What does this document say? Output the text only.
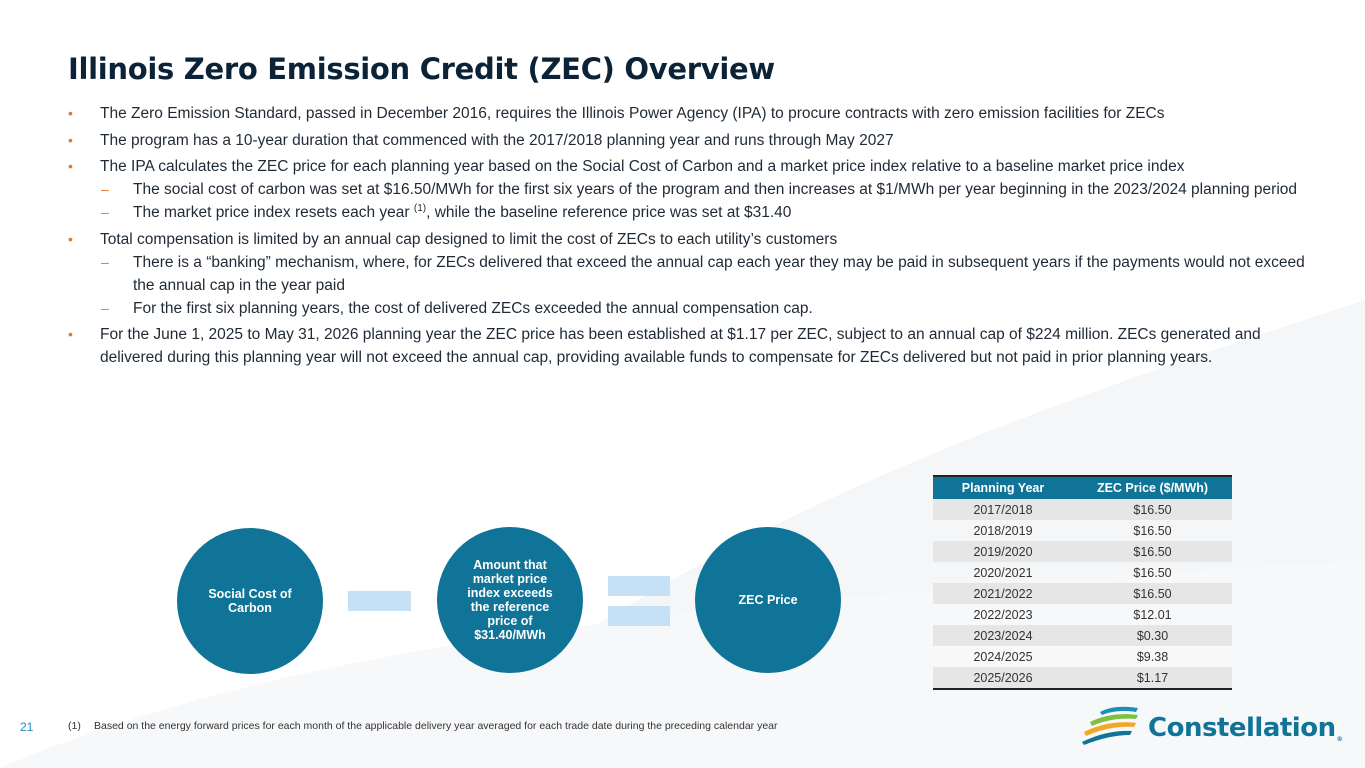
Illinois Zero Emission Credit (ZEC) Overview
• The Zero Emission Standard, passed in December 2016, requires the Illinois Power Agency (IPA) to procure contracts with zero emission facilities for ZECs
• The program has a 10-year duration that commenced with the 2017/2018 planning year and runs through May 2027
• The IPA calculates the ZEC price for each planning year based on the Social Cost of Carbon and a market price index relative to a baseline market price index
– The social cost of carbon was set at $16.50/MWh for the first six years of the program and then increases at $1/MWh per year beginning in the 2023/2024 planning period
– The market price index resets each year $^{(1)}$, while the baseline reference price was set at $31.40
• Total compensation is limited by an annual cap designed to limit the cost of ZECs to each utility’s customers
– There is a “banking” mechanism, where, for ZECs delivered that exceed the annual cap each year they may be paid in subsequent years if the payments would not exceed the annual cap in the year paid
– For the first six planning years, the cost of delivered ZECs exceeded the annual compensation cap.
• For the June 1, 2025 to May 31, 2026 planning year the ZEC price has been established at $1.17 per ZEC, subject to an annual cap of $224 million. ZECs generated and delivered during this planning year will not exceed the annual cap, providing available funds to compensate for ZECs delivered but not paid in prior planning years.
Social Cost of
Carbon
Amount that
market price
index exceeds
the reference
price of
$31.40/MWh
ZEC Price
Planning Year	ZEC Price ($/MWh)
2017/2018	$16.50
2018/2019	$16.50
2019/2020	$16.50
2020/2021	$16.50
2021/2022	$16.50
2022/2023	$12.01
2023/2024	$0.30
2024/2025	$9.38
2025/2026	$1.17
21	(1) Based on the energy forward prices for each month of the applicable delivery year averaged for each trade date during the preceding calendar year	Constellation®
